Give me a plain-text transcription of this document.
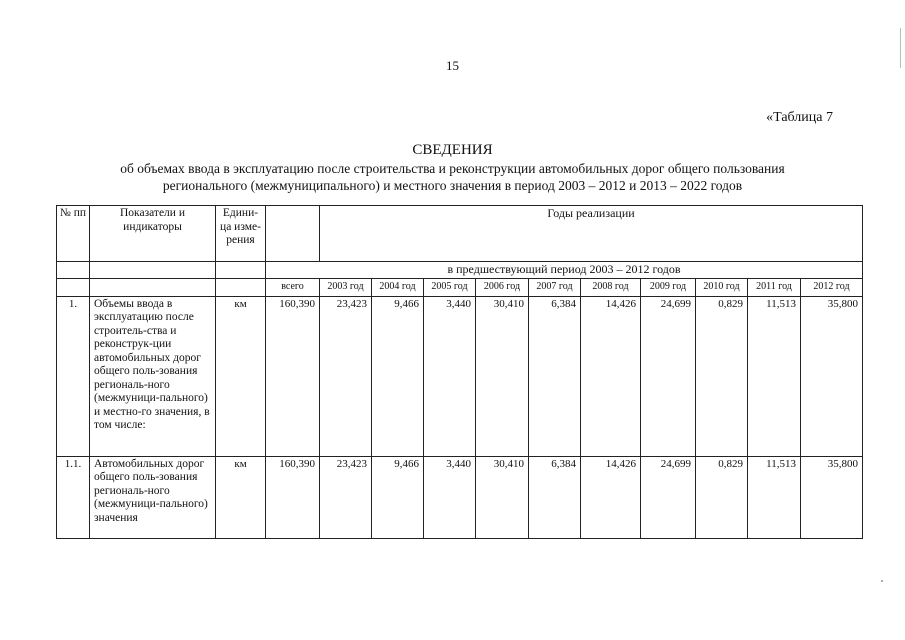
15
«Таблица 7
СВЕДЕНИЯ
об объемах ввода в эксплуатацию после строительства и реконструкции автомобильных дорог общего пользования
регионального (межмуниципального) и местного значения в период 2003 – 2012 и 2013 – 2022 годов
№ пп	Показатели и индикаторы	Едини-ца изме-рения		Годы реализации									

			в предшествующий период 2003 – 2012 годов										
			всего	2003 год	2004 год	2005 год	2006 год	2007 год	2008 год	2009 год	2010 год	2011 год	2012 год
1.	Объемы ввода в эксплуатацию после строитель-ства и реконструк-ции автомобильных дорог общего поль-зования региональ-ного (межмуници-пального) и местно-го значения, в том числе:	км	160,390	23,423	9,466	3,440	30,410	6,384	14,426	24,699	0,829	11,513	35,800
1.1.	Автомобильных дорог общего поль-зования региональ-ного (межмуници-пального) значения	км	160,390	23,423	9,466	3,440	30,410	6,384	14,426	24,699	0,829	11,513	35,800
